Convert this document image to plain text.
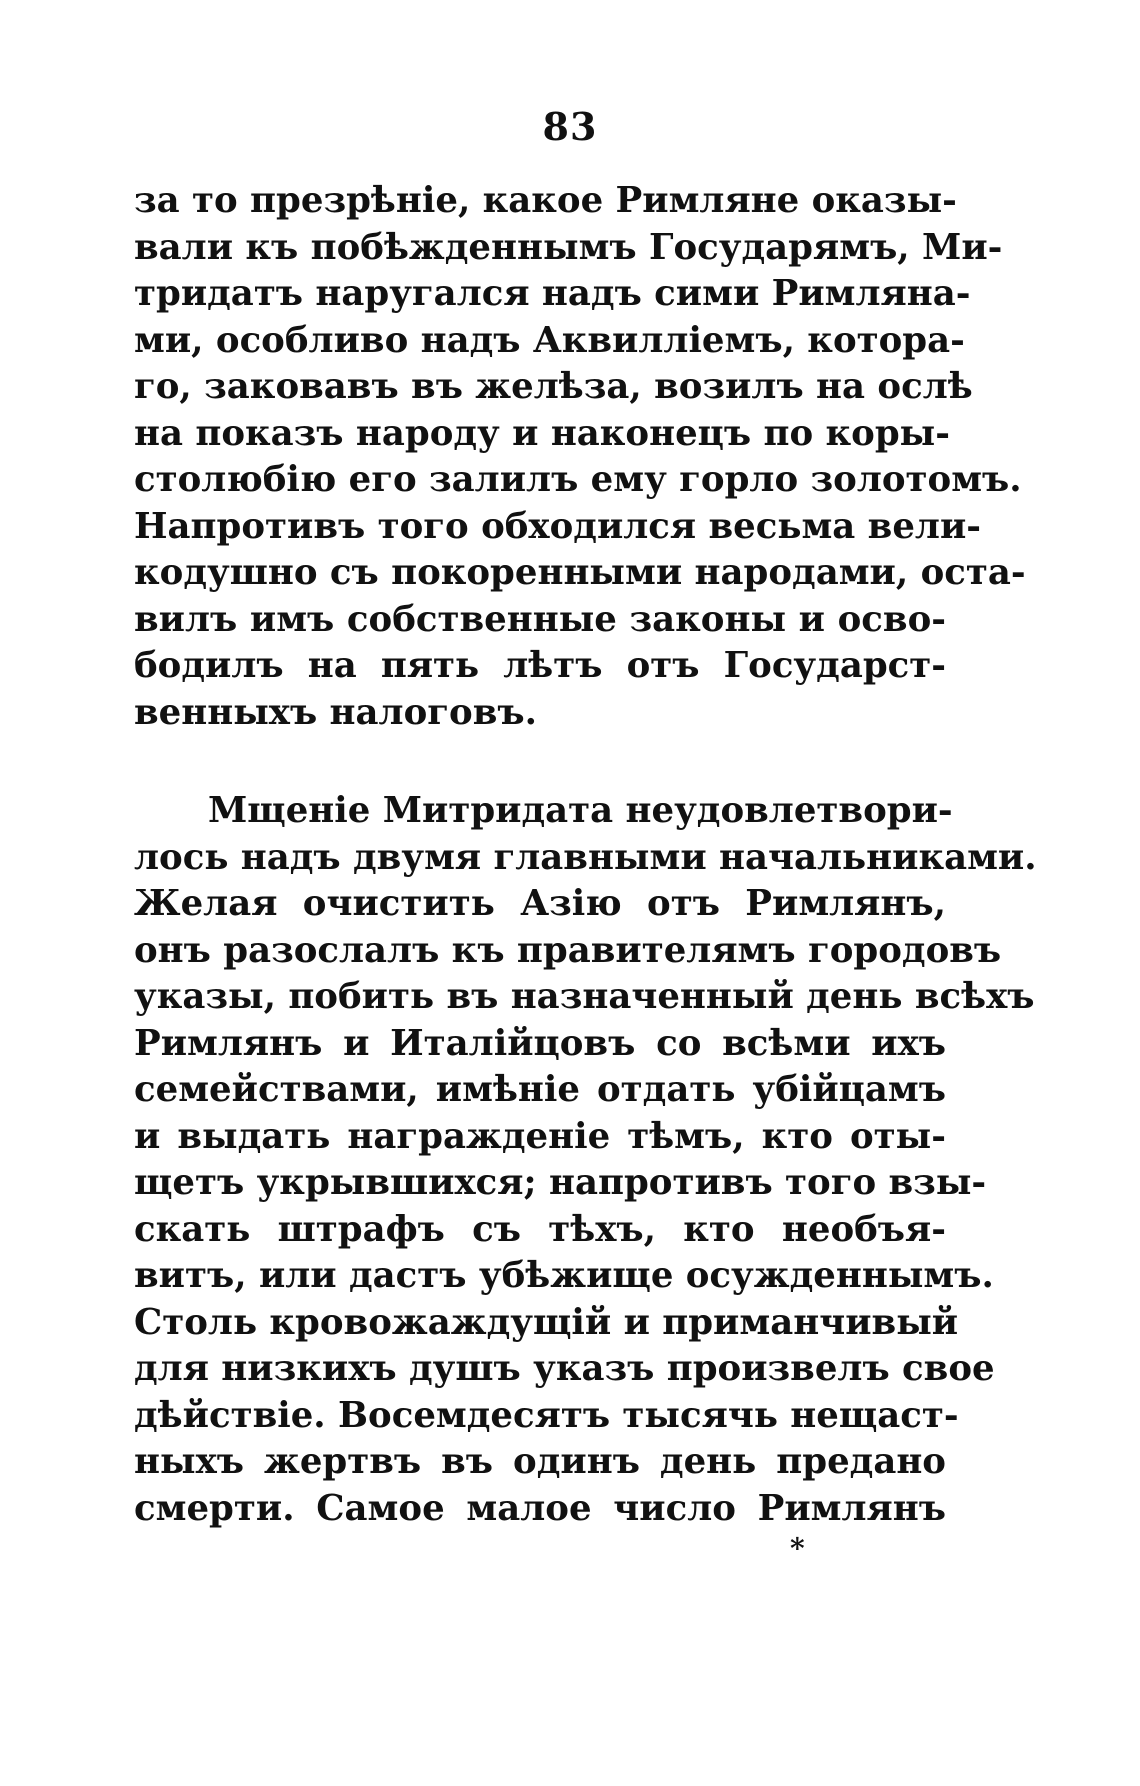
83
за то презрѣніе, какое Римляне оказы-
вали къ побѣжденнымъ Государямъ, Ми-
тридатъ наругался надъ сими Римляна-
ми, особливо надъ Аквилліемъ, котора-
го, заковавъ въ желѣза, возилъ на ослѣ
на показъ народу и наконецъ по коры-
столюбію его залилъ ему горло золотомъ.
Напротивъ того обходился весьма вели-
кодушно съ покоренными народами, оста-
вилъ имъ собственные законы и осво-
бодилъ на пять лѣтъ отъ Государст-
венныхъ налоговъ.
Мщеніе Митридата неудовлетвори-
лось надъ двумя главными начальниками.
Желая очистить Азію отъ Римлянъ,
онъ разослалъ къ правителямъ городовъ
указы, побить въ назначенный день всѣхъ
Римлянъ и Италійцовъ со всѣми ихъ
семействами, имѣніе отдать убійцамъ
и выдать награжденіе тѣмъ, кто оты-
щетъ укрывшихся; напротивъ того взы-
скать штрафъ съ тѣхъ, кто необъя-
витъ, или дастъ убѣжище осужденнымъ.
Столь кровожаждущій и приманчивый
для низкихъ душъ указъ произвелъ свое
дѣйствіе. Восемдесятъ тысячь нещаст-
ныхъ жертвъ въ одинъ день предано
смерти. Самое малое число Римлянъ
*
